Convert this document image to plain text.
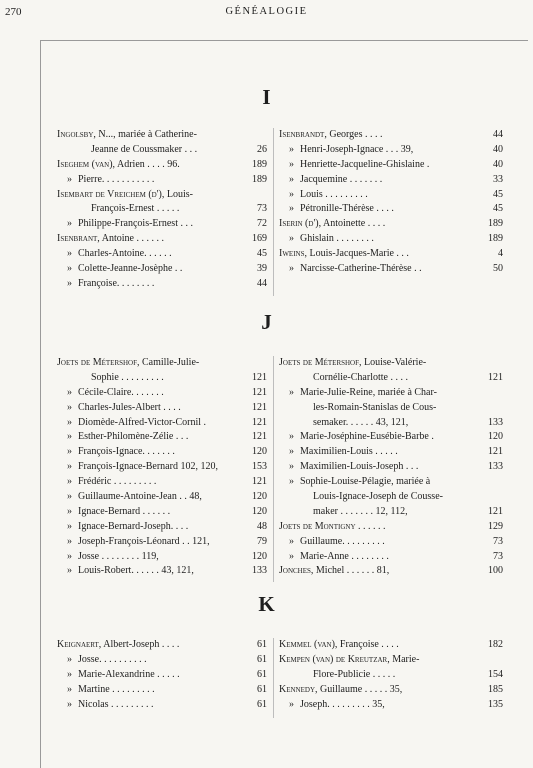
270	GÉNÉALOGIE
I
Ingolsby, N..., mariée à Catherine-
Jeanne de Coussmaker . . .	26
Iseghem (van), Adrien . . . . 96.	189
» Pierre. . . . . . . . . . .	189
Isembart de Vreichem (d'), Louis-
François-Ernest . . . . .	73
» Philippe-François-Ernest . . .	72
Isenbrant, Antoine . . . . . .	169
» Charles-Antoine. . . . . .	45
» Colette-Jeanne-Josèphe . .	39
» Françoise. . . . . . . .	44
Isenbrandt, Georges . . . .	44
» Henri-Joseph-Ignace . . . 39,	40
» Henriette-Jacqueline-Ghislaine .	40
» Jacquemine . . . . . . .	33
» Louis . . . . . . . . .	45
» Pétronille-Thérèse . . . .	45
Iserin (d'), Antoinette . . . .	189
» Ghislain . . . . . . . .	189
Iweins, Louis-Jacques-Marie . . .	4
» Narcisse-Catherine-Thérèse . .	50
J
Joets de Métershof, Camille-Julie-
Sophie . . . . . . . . .	121
» Cécile-Claire. . . . . . .	121
» Charles-Jules-Albert . . . .	121
» Diomède-Alfred-Victor-Cornil .	121
» Esther-Philomène-Zélie . . .	121
» François-Ignace. . . . . . .	120
» François-Ignace-Bernard 102, 120,	153
» Frédéric . . . . . . . . .	121
» Guillaume-Antoine-Jean . . 48,	120
» Ignace-Bernard . . . . . .	120
» Ignace-Bernard-Joseph. . . .	48
» Joseph-François-Léonard . . 121,	79
» Josse . . . . . . . . 119,	120
» Louis-Robert. . . . . . 43, 121,	133
Joets de Métershof, Louise-Valérie-
Cornélie-Charlotte . . . .	121
» Marie-Julie-Reine, mariée à Char-
les-Romain-Stanislas de Cous-
semaker. . . . . . 43, 121,	133
» Marie-Joséphine-Eusébie-Barbe .	120
» Maximilien-Louis . . . . .	121
» Maximilien-Louis-Joseph . . .	133
» Sophie-Louise-Pélagie, mariée à
Louis-Ignace-Joseph de Cousse-
maker . . . . . . . 12, 112,	121
Joets de Montigny . . . . . .	129
» Guillaume. . . . . . . . .	73
» Marie-Anne . . . . . . . .	73
Jonches, Michel . . . . . . 81,	100
K
Keignaert, Albert-Joseph . . . .	61
» Josse. . . . . . . . . .	61
» Marie-Alexandrine . . . . .	61
» Martine . . . . . . . . .	61
» Nicolas . . . . . . . . .	61
Kemmel (van), Françoise . . . .	182
Kempen (van) de Kreutzar, Marie-
Flore-Publicie . . . . .	154
Kennedy, Guillaume . . . . . 35,	185
» Joseph. . . . . . . . . 35,	135
